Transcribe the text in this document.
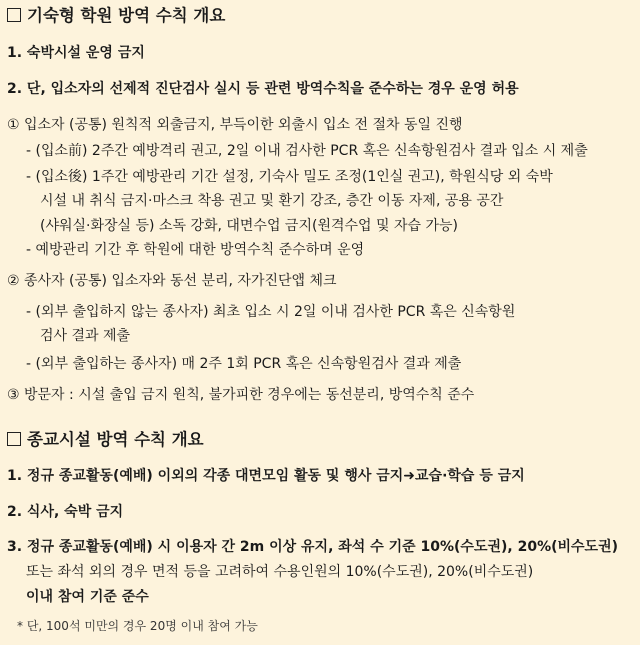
기숙형 학원 방역 수칙 개요
1. 숙박시설 운영 금지
2. 단, 입소자의 선제적 진단검사 실시 등 관련 방역수칙을 준수하는 경우 운영 허용
① 입소자 (공통) 원칙적 외출금지, 부득이한 외출시 입소 전 절차 동일 진행
- (입소前) 2주간 예방격리 권고, 2일 이내 검사한 PCR 혹은 신속항원검사 결과 입소 시 제출
- (입소後) 1주간 예방관리 기간 설정, 기숙사 밀도 조정(1인실 권고), 학원식당 외 숙박
시설 내 취식 금지·마스크 착용 권고 및 환기 강조, 층간 이동 자제, 공용 공간
(샤워실·화장실 등) 소독 강화, 대면수업 금지(원격수업 및 자습 가능)
- 예방관리 기간 후 학원에 대한 방역수칙 준수하며 운영
② 종사자 (공통) 입소자와 동선 분리, 자가진단앱 체크
- (외부 출입하지 않는 종사자) 최초 입소 시 2일 이내 검사한 PCR 혹은 신속항원
검사 결과 제출
- (외부 출입하는 종사자) 매 2주 1회 PCR 혹은 신속항원검사 결과 제출
③ 방문자 : 시설 출입 금지 원칙, 불가피한 경우에는 동선분리, 방역수칙 준수
종교시설 방역 수칙 개요
1. 정규 종교활동(예배) 이외의 각종 대면모임 활동 및 행사 금지➜교습·학습 등 금지
2. 식사, 숙박 금지
3. 정규 종교활동(예배) 시 이용자 간 2m 이상 유지, 좌석 수 기준 10%(수도권), 20%(비수도권)
또는 좌석 외의 경우 면적 등을 고려하여 수용인원의 10%(수도권), 20%(비수도권)
이내 참여 기준 준수
* 단, 100석 미만의 경우 20명 이내 참여 가능
